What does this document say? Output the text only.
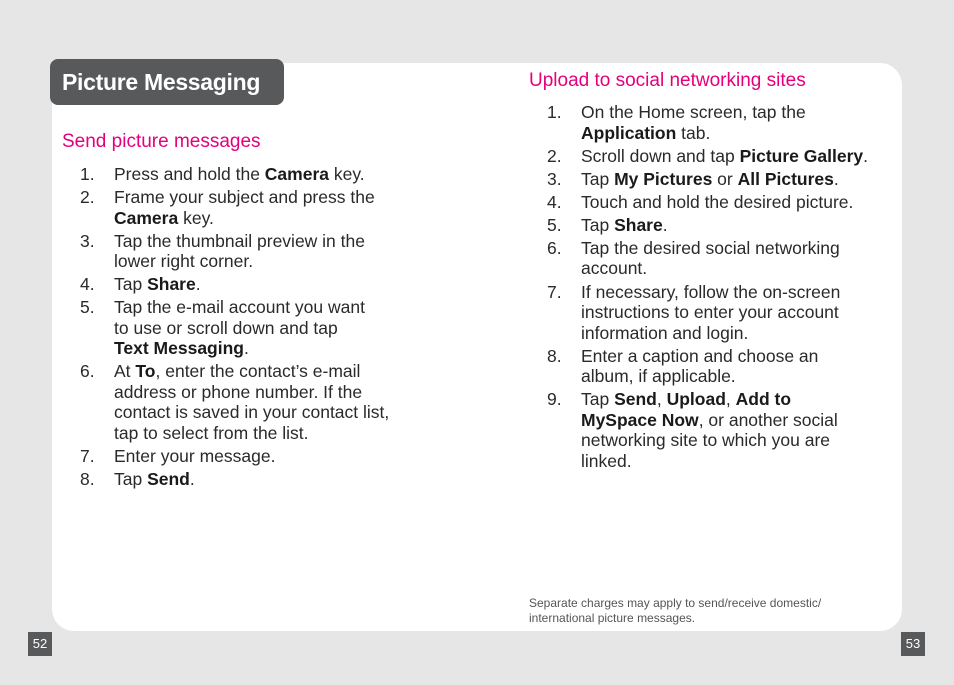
Picture Messaging
Send picture messages
1. Press and hold the Camera key.
2. Frame your subject and press the
Camera key.
3. Tap the thumbnail preview in the
lower right corner.
4. Tap Share.
5. Tap the e-mail account you want
to use or scroll down and tap
Text Messaging.
6. At To, enter the contact’s e-mail
address or phone number. If the
contact is saved in your contact list,
tap to select from the list.
7. Enter your message.
8. Tap Send.
Upload to social networking sites
1. On the Home screen, tap the
Application tab.
2. Scroll down and tap Picture Gallery.
3. Tap My Pictures or All Pictures.
4. Touch and hold the desired picture.
5. Tap Share.
6. Tap the desired social networking
account.
7. If necessary, follow the on-screen
instructions to enter your account
information and login.
8. Enter a caption and choose an
album, if applicable.
9. Tap Send, Upload, Add to
MySpace Now, or another social
networking site to which you are
linked.
Separate charges may apply to send/receive domestic/ international picture messages.
52	53
